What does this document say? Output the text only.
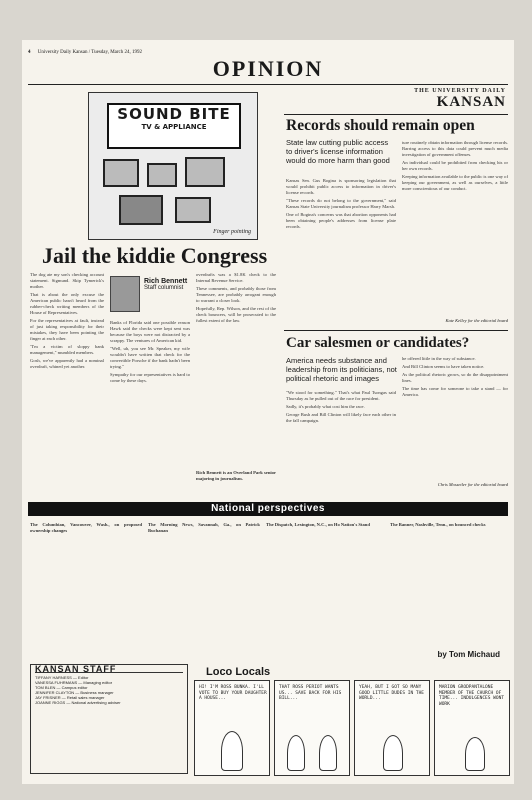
4 University Daily Kansan / Tuesday, March 24, 1992
OPINION
SOUND BITE
TV & APPLIANCE
Finger pointing
Jail the kiddie Congress

The dog ate my son's checking account statement. Sigmund. Skip Tymerick's mother.

That is about the only excuse the American public hasn't heard from the rubber-check writing members of the House of Representatives.

For the representatives at fault, instead of just taking responsibility for their mistakes, they have been pointing the finger at each other.

"I'm a victim of sloppy bank management," mumbled members.

Gosh, we've apparently had a nominal overdraft, whined yet another.

Rich Bennett
Staff columnist

Banks of Florida said one possible reason Hawk said the checks were kept sent was because the boys were not distracted by a scrappy. The ventures of American kid.

"Well, uh, you see Mr. Speaker, my wife wouldn't have written that check for the convertible Porsche if the bank hadn't been trying."

Sympathy for our representatives is hard to come by these days.

overdrafts was a $1.8K check to the Internal Revenue Service.

These comments, and probably those from Tennessee, are probably arrogant enough to warrant a closer look.

Hopefully, Rep. Wilson, and the rest of the check bouncers, will be prosecuted to the fullest extent of the law.

Rich Bennett is an Overland Park senior majoring in journalism.
THE UNIVERSITY DAILY
KANSAN
Records should remain open
State law cutting public access to driver's license information would do more harm than good

Kansas Sen. Gus Bogina is sponsoring legislation that would prohibit public access to information in driver's license records.

"These records do not belong to the government," said Kansas State University journalism professor Harry Marsh.

One of Bogina's concerns was that abortion opponents had been obtaining people's addresses from license plate records.

ture routinely obtain information through license records. Barring access to this data could prevent much media investigation of government offenses.

An individual could be prohibited from checking his or her own records.

Keeping information available to the public is one way of keeping our government, as well as ourselves, a little more conscientious of our conduct.

Kate Kelley for the editorial board
Car salesmen or candidates?
America needs substance and leadership from its politicians, not political rhetoric and images

"We stood for something." That's what Paul Tsongas said Thursday as he pulled out of the race for president.

Sadly, it's probably what cost him the race.

George Bush and Bill Clinton will likely face each other in the fall campaign.

he offered little in the way of substance.

And Bill Clinton seems to have taken notice.

As the political rhetoric grows, so do the disappointment lines.

The time has come for someone to take a stand — for America.

Chris Mossetler for the editorial board
National perspectives
The Columbian, Vancouver, Wash., on proposed ownership changes

The Morning News, Savannah, Ga., on Patrick Buchanan

The Dispatch, Lexington, N.C., on Ho Nation's Stand	The Banner, Nashville, Tenn., on bounced checks

by Tom Michaud
KANSAN STAFF
TIFFANY HARNESS — Editor
VANESSA FUHRMANS — Managing editor
TOM BLEN — Campus editor
JENNIFER CLAYTON — Business manager
JAY FRISNER — Retail sales manager
JOANNE RIGGS — National advertising adviser
Loco Locals
HI! I'M ROSS BUNKA. I'LL VOTE TO BUY YOUR DAUGHTER A HOUSE...
THAT ROSS PERIOT WANTS US... SAVE BACK FOR HIS BILL...
YEAH, BUT I GOT SO MANY GOOD LITTLE DUDES IN THE WORLD...
MARION GRODPANTALONE MEMBER OF THE CHURCH OF TIME... INDULGENCES WONT WORK
